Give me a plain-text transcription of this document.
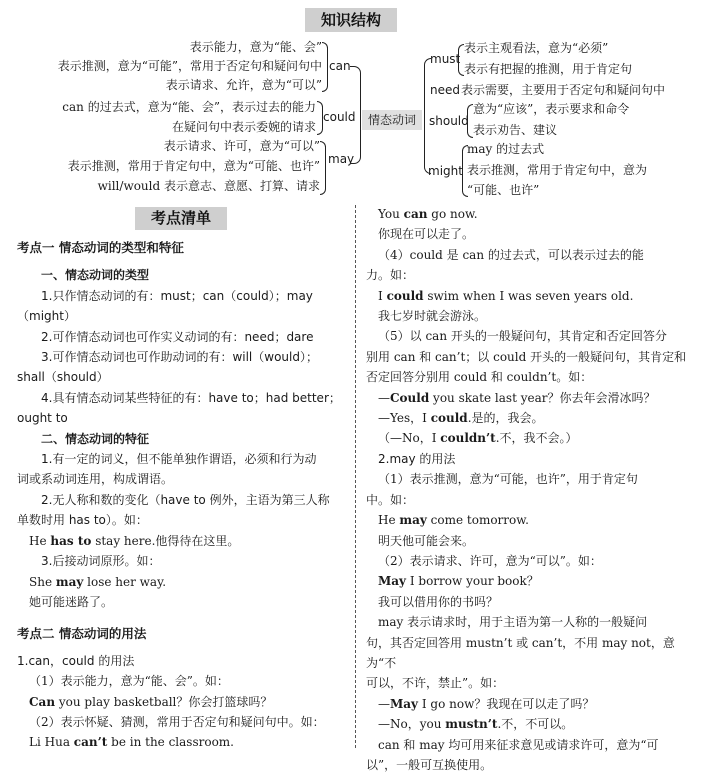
知识结构
表示能力，意为“能、会”
表示推测，意为“可能”，常用于否定句和疑问句中
表示请求、允许，意为“可以”
can
can 的过去式，意为“能、会”，表示过去的能力
在疑问句中表示委婉的请求
could
表示请求、许可，意为“可以”
表示推测，常用于肯定句中，意为“可能、也许”
will/would 表示意志、意愿、打算、请求
may
情态动词
must
表示主观看法，意为“必须”
表示有把握的推测，用于肯定句
need 表示需要，主要用于否定句和疑问句中
should
意为“应该”，表示要求和命令
表示劝告、建议
might
may 的过去式
表示推测，常用于肯定句中，意为
“可能、也许”
考点清单

考点一 情态动词的类型和特征

一、情态动词的类型

1.只作情态动词的有：must；can（could）；may

（might）

2.可作情态动词也可作实义动词的有：need；dare

3.可作情态动词也可作助动词的有：will（would）；

shall（should）

4.具有情态动词某些特征的有：have to；had better；

ought to

二、情态动词的特征

1.有一定的词义，但不能单独作谓语，必须和行为动

词或系动词连用，构成谓语。

2.无人称和数的变化（have to 例外，主语为第三人称

单数时用 has to）。如：

He has to stay here.他得待在这里。

3.后接动词原形。如：

She may lose her way.

她可能迷路了。

考点二 情态动词的用法

1.can，could 的用法

（1）表示能力，意为“能、会”。如：

Can you play basketball？你会打篮球吗？

（2）表示怀疑、猜测，常用于否定句和疑问句中。如：

Li Hua can’t be in the classroom.

You can go now.

你现在可以走了。

（4）could 是 can 的过去式，可以表示过去的能

力。如：

I could swim when I was seven years old.

我七岁时就会游泳。

（5）以 can 开头的一般疑问句，其肯定和否定回答分

别用 can 和 can’t；以 could 开头的一般疑问句，其肯定和

否定回答分别用 could 和 couldn’t。如：

—Could you skate last year？你去年会滑冰吗？

—Yes，I could.是的，我会。

（—No，I couldn’t.不，我不会。）

2.may 的用法

（1）表示推测，意为“可能，也许”，用于肯定句

中。如：

He may come tomorrow.

明天他可能会来。

（2）表示请求、许可，意为“可以”。如：

May I borrow your book？

我可以借用你的书吗？

may 表示请求时，用于主语为第一人称的一般疑问

句，其否定回答用 mustn’t 或 can’t，不用 may not，意为“不

可以，不许，禁止”。如：

—May I go now？我现在可以走了吗？

—No，you mustn’t.不，不可以。

can 和 may 均可用来征求意见或请求许可，意为“可

以”，一般可互换使用。
